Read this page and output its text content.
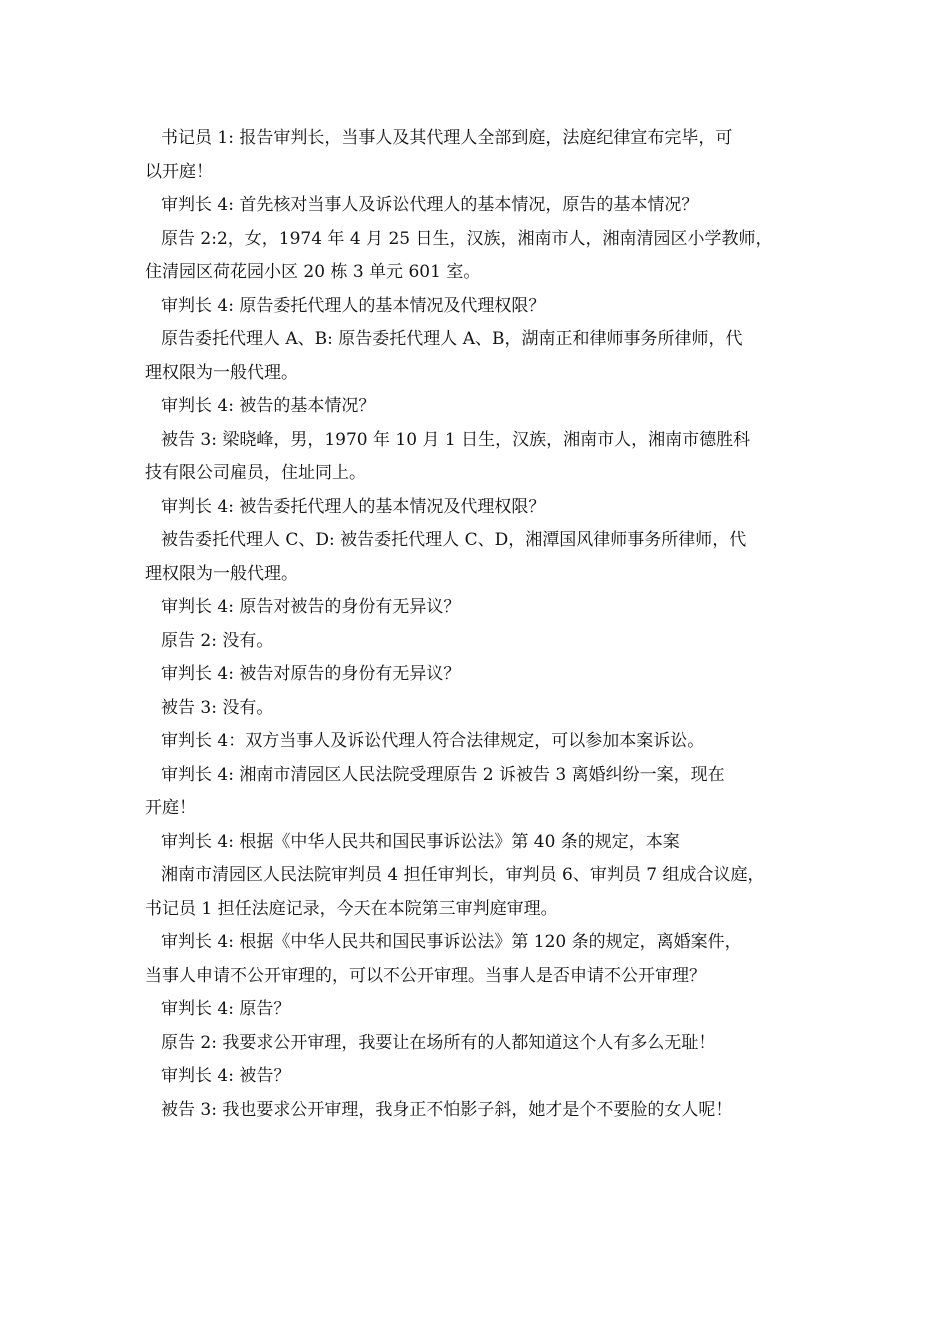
书记员 1: 报告审判长，当事人及其代理人全部到庭，法庭纪律宣布完毕，可
以开庭！
审判长 4: 首先核对当事人及诉讼代理人的基本情况，原告的基本情况？
原告 2:2，女，1974 年 4 月 25 日生，汉族，湘南市人，湘南清园区小学教师，
住清园区荷花园小区 20 栋 3 单元 601 室。
审判长 4: 原告委托代理人的基本情况及代理权限？
原告委托代理人 A、B: 原告委托代理人 A、B，湖南正和律师事务所律师，代
理权限为一般代理。
审判长 4: 被告的基本情况？
被告 3: 梁晓峰，男，1970 年 10 月 1 日生，汉族，湘南市人，湘南市德胜科
技有限公司雇员，住址同上。
审判长 4: 被告委托代理人的基本情况及代理权限？
被告委托代理人 C、D: 被告委托代理人 C、D，湘潭国风律师事务所律师，代
理权限为一般代理。
审判长 4: 原告对被告的身份有无异议？
原告 2: 没有。
审判长 4: 被告对原告的身份有无异议？
被告 3: 没有。
审判长 4：双方当事人及诉讼代理人符合法律规定，可以参加本案诉讼。
审判长 4: 湘南市清园区人民法院受理原告 2 诉被告 3 离婚纠纷一案，现在
开庭！
审判长 4: 根据《中华人民共和国民事诉讼法》第 40 条的规定，本案
湘南市清园区人民法院审判员 4 担任审判长，审判员 6、审判员 7 组成合议庭，
书记员 1 担任法庭记录，今天在本院第三审判庭审理。
审判长 4: 根据《中华人民共和国民事诉讼法》第 120 条的规定，离婚案件，
当事人申请不公开审理的，可以不公开审理。当事人是否申请不公开审理？
审判长 4: 原告？
原告 2: 我要求公开审理，我要让在场所有的人都知道这个人有多么无耻！
审判长 4: 被告？
被告 3: 我也要求公开审理，我身正不怕影子斜，她才是个不要脸的女人呢！
